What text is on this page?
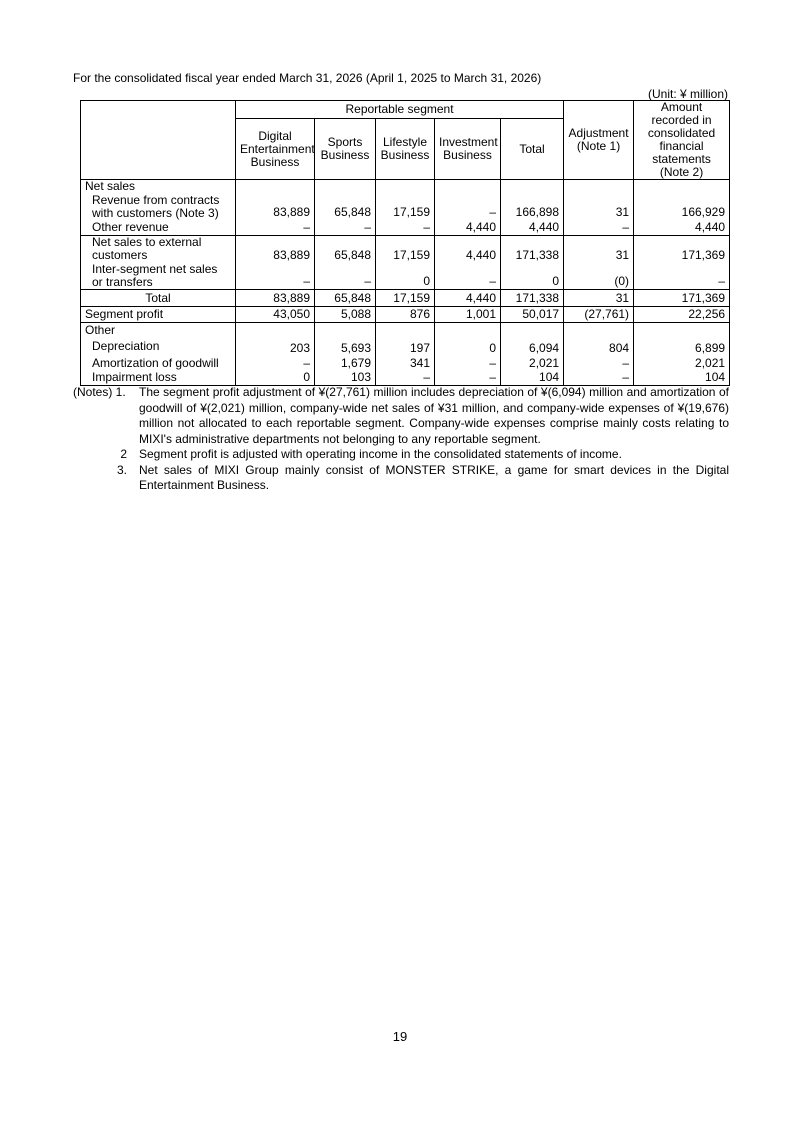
For the consolidated fiscal year ended March 31, 2026 (April 1, 2025 to March 31, 2026)
(Unit: ¥ million)
	Reportable segment					Adjustment (Note 1)	Amount recorded in consolidated financial statements (Note 2)
	Digital Entertainment Business	Sports Business	Lifestyle Business	Investment Business	Total		
Net sales							
Revenue from contracts with customers (Note 3)	83,889	65,848	17,159	–	166,898	31	166,929
Other revenue	–	–	–	4,440	4,440	–	4,440
Net sales to external customers	83,889	65,848	17,159	4,440	171,338	31	171,369
Inter-segment net sales or transfers	–	–	0	–	0	(0)	–
Total	83,889	65,848	17,159	4,440	171,338	31	171,369
Segment profit	43,050	5,088	876	1,001	50,017	(27,761)	22,256
Other							
Depreciation	203	5,693	197	0	6,094	804	6,899
Amortization of goodwill	–	1,679	341	–	2,021	–	2,021
Impairment loss	0	103	–	–	104	–	104
(Notes) 1.	The segment profit adjustment of ¥(27,761) million includes depreciation of ¥(6,094) million and amortization of goodwill of ¥(2,021) million, company-wide net sales of ¥31 million, and company-wide expenses of ¥(19,676) million not allocated to each reportable segment. Company-wide expenses comprise mainly costs relating to MIXI's administrative departments not belonging to any reportable segment.
2	Segment profit is adjusted with operating income in the consolidated statements of income.
3.	Net sales of MIXI Group mainly consist of MONSTER STRIKE, a game for smart devices in the Digital Entertainment Business.
19
